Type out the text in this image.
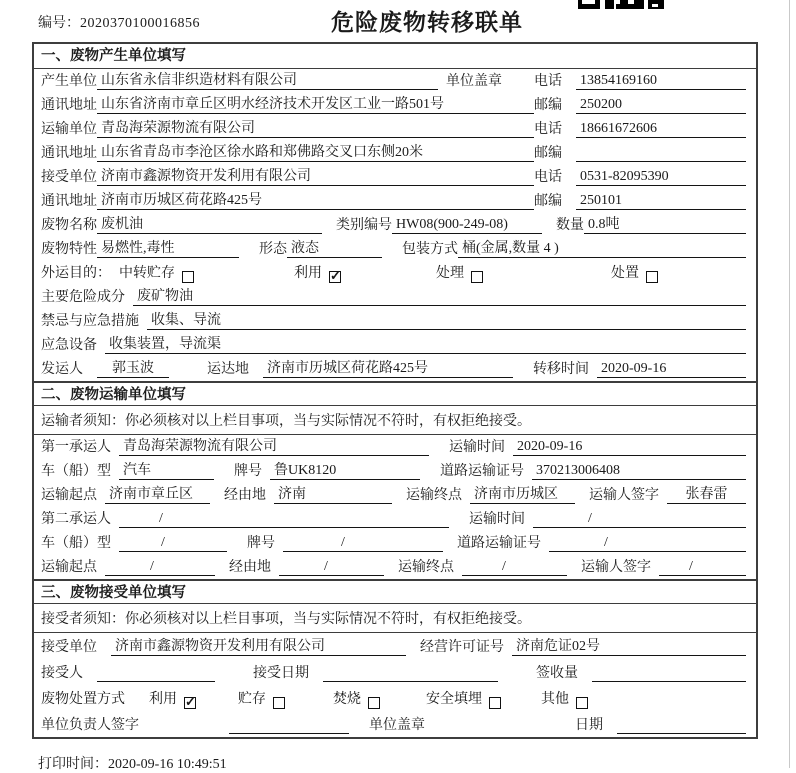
编号：2020370100016856	危险废物转移联单
一、废物产生单位填写
产生单位 山东省永信非织造材料有限公司	单位盖章	电话	13854169160
通讯地址 山东省济南市章丘区明水经济技术开发区工业一路501号	邮编	250200
运输单位 青岛海荣源物流有限公司	电话	18661672606
通讯地址 山东省青岛市李沧区徐水路和郑佛路交叉口东侧20米	邮编
接受单位 济南市鑫源物资开发利用有限公司	电话	0531-82095390
通讯地址 济南市历城区荷花路425号	邮编	250101
废物名称 废机油	类别编号 HW08(900-249-08)	数量 0.8吨
废物特性 易燃性,毒性	形态 液态	包装方式 桶(金属,数量 4 )
外运目的： 中转贮存	利用 ✓	处理	处置
主要危险成分 废矿物油
禁忌与应急措施 收集、导流
应急设备 收集装置，导流渠
发运人	郭玉波	运达地 济南市历城区荷花路425号	转移时间 2020-09-16
二、废物运输单位填写
运输者须知：你必须核对以上栏目事项，当与实际情况不符时，有权拒绝接受。
第一承运人 青岛海荣源物流有限公司	运输时间 2020-09-16
车（船）型 汽车	牌号 鲁UK8120	道路运输证号 370213006408
运输起点 济南市章丘区	经由地 济南	运输终点 济南市历城区	运输人签字	张春雷
第二承运人	/	运输时间	/
车（船）型	/	牌号	/	道路运输证号	/
运输起点	/	经由地	/	运输终点	/	运输人签字	/
三、废物接受单位填写
接受者须知：你必须核对以上栏目事项，当与实际情况不符时，有权拒绝接受。
接受单位 济南市鑫源物资开发利用有限公司	经营许可证号 济南危证02号
接受人	接受日期	签收量
废物处置方式 利用 ✓	贮存	焚烧	安全填埋	其他
单位负责人签字	单位盖章	日期
打印时间：2020-09-16 10:49:51
